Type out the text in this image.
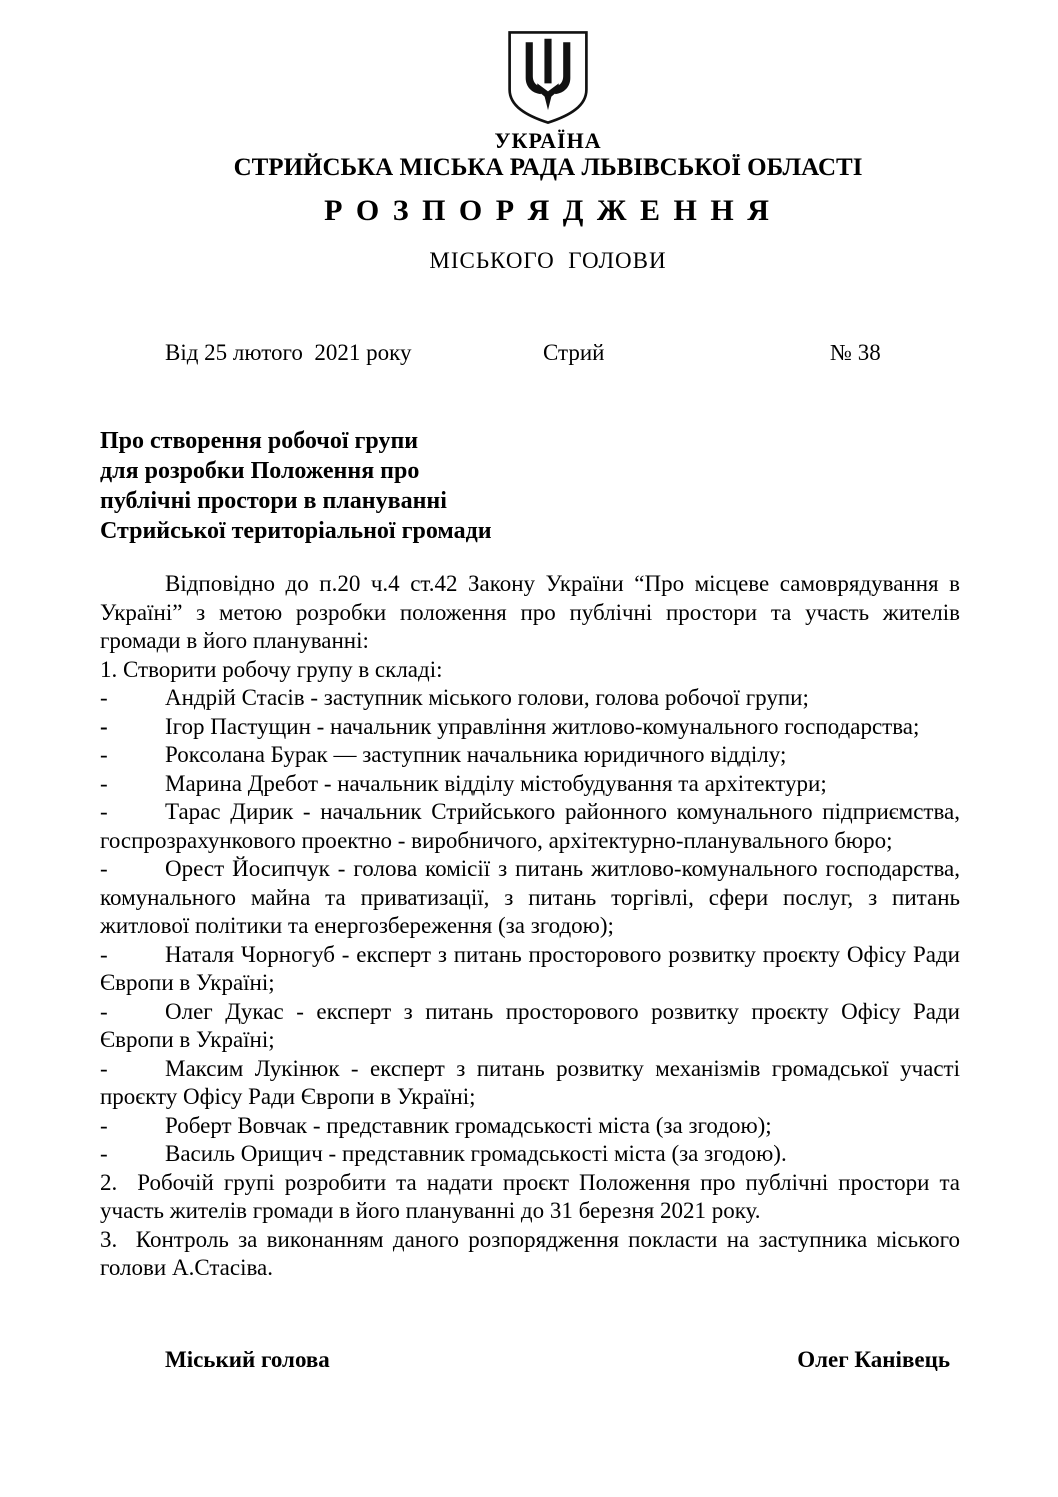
УКРАЇНА
СТРИЙСЬКА МІСЬКА РАДА ЛЬВІВСЬКОЇ ОБЛАСТІ
Р О З П О Р Я Д Ж Е Н Н Я
МІСЬКОГО  ГОЛОВИ
Від 25 лютого  2021 року	Стрий	№ 38
Про створення робочої групи
для розробки Положення про
публічні простори в плануванні
Стрийської територіальної громади

Відповідно до п.20 ч.4 ст.42 Закону України “Про місцеве самоврядування в Україні” з метою розробки положення про публічні простори та участь жителів громади в його плануванні:

1. Створити робочу групу в складі:

- Андрій Стасів - заступник міського голови, голова робочої групи;

- Ігор Пастущин - начальник управління житлово-комунального господарства;

- Роксолана Бурак — заступник начальника юридичного відділу;

- Марина Дребот - начальник відділу містобудування та архітектури;

- Тарас Дирик - начальник Стрийського районного комунального підприємства, госпрозрахункового проектно - виробничого, архітектурно-планувального бюро;

- Орест Йосипчук - голова комісії з питань житлово-комунального господарства, комунального майна та приватизації, з питань торгівлі, сфери послуг, з питань житлової політики та енергозбереження (за згодою);

- Наталя Чорногуб - експерт з питань просторового розвитку проєкту Офісу Ради Європи в Україні;

- Олег Дукас - експерт з питань просторового розвитку проєкту Офісу Ради Європи в Україні;

- Максим Лукінюк - експерт з питань розвитку механізмів громадської участі проєкту Офісу Ради Європи в Україні;

- Роберт Вовчак - представник громадськості міста (за згодою);

- Василь Орищич - представник громадськості міста (за згодою).

2.  Робочій групі розробити та надати проєкт Положення про публічні простори та участь жителів громади в його плануванні до 31 березня 2021 року.

3.  Контроль за виконанням даного розпорядження покласти на заступника міського голови А.Стасіва.

Міський голова	Олег Канівець
